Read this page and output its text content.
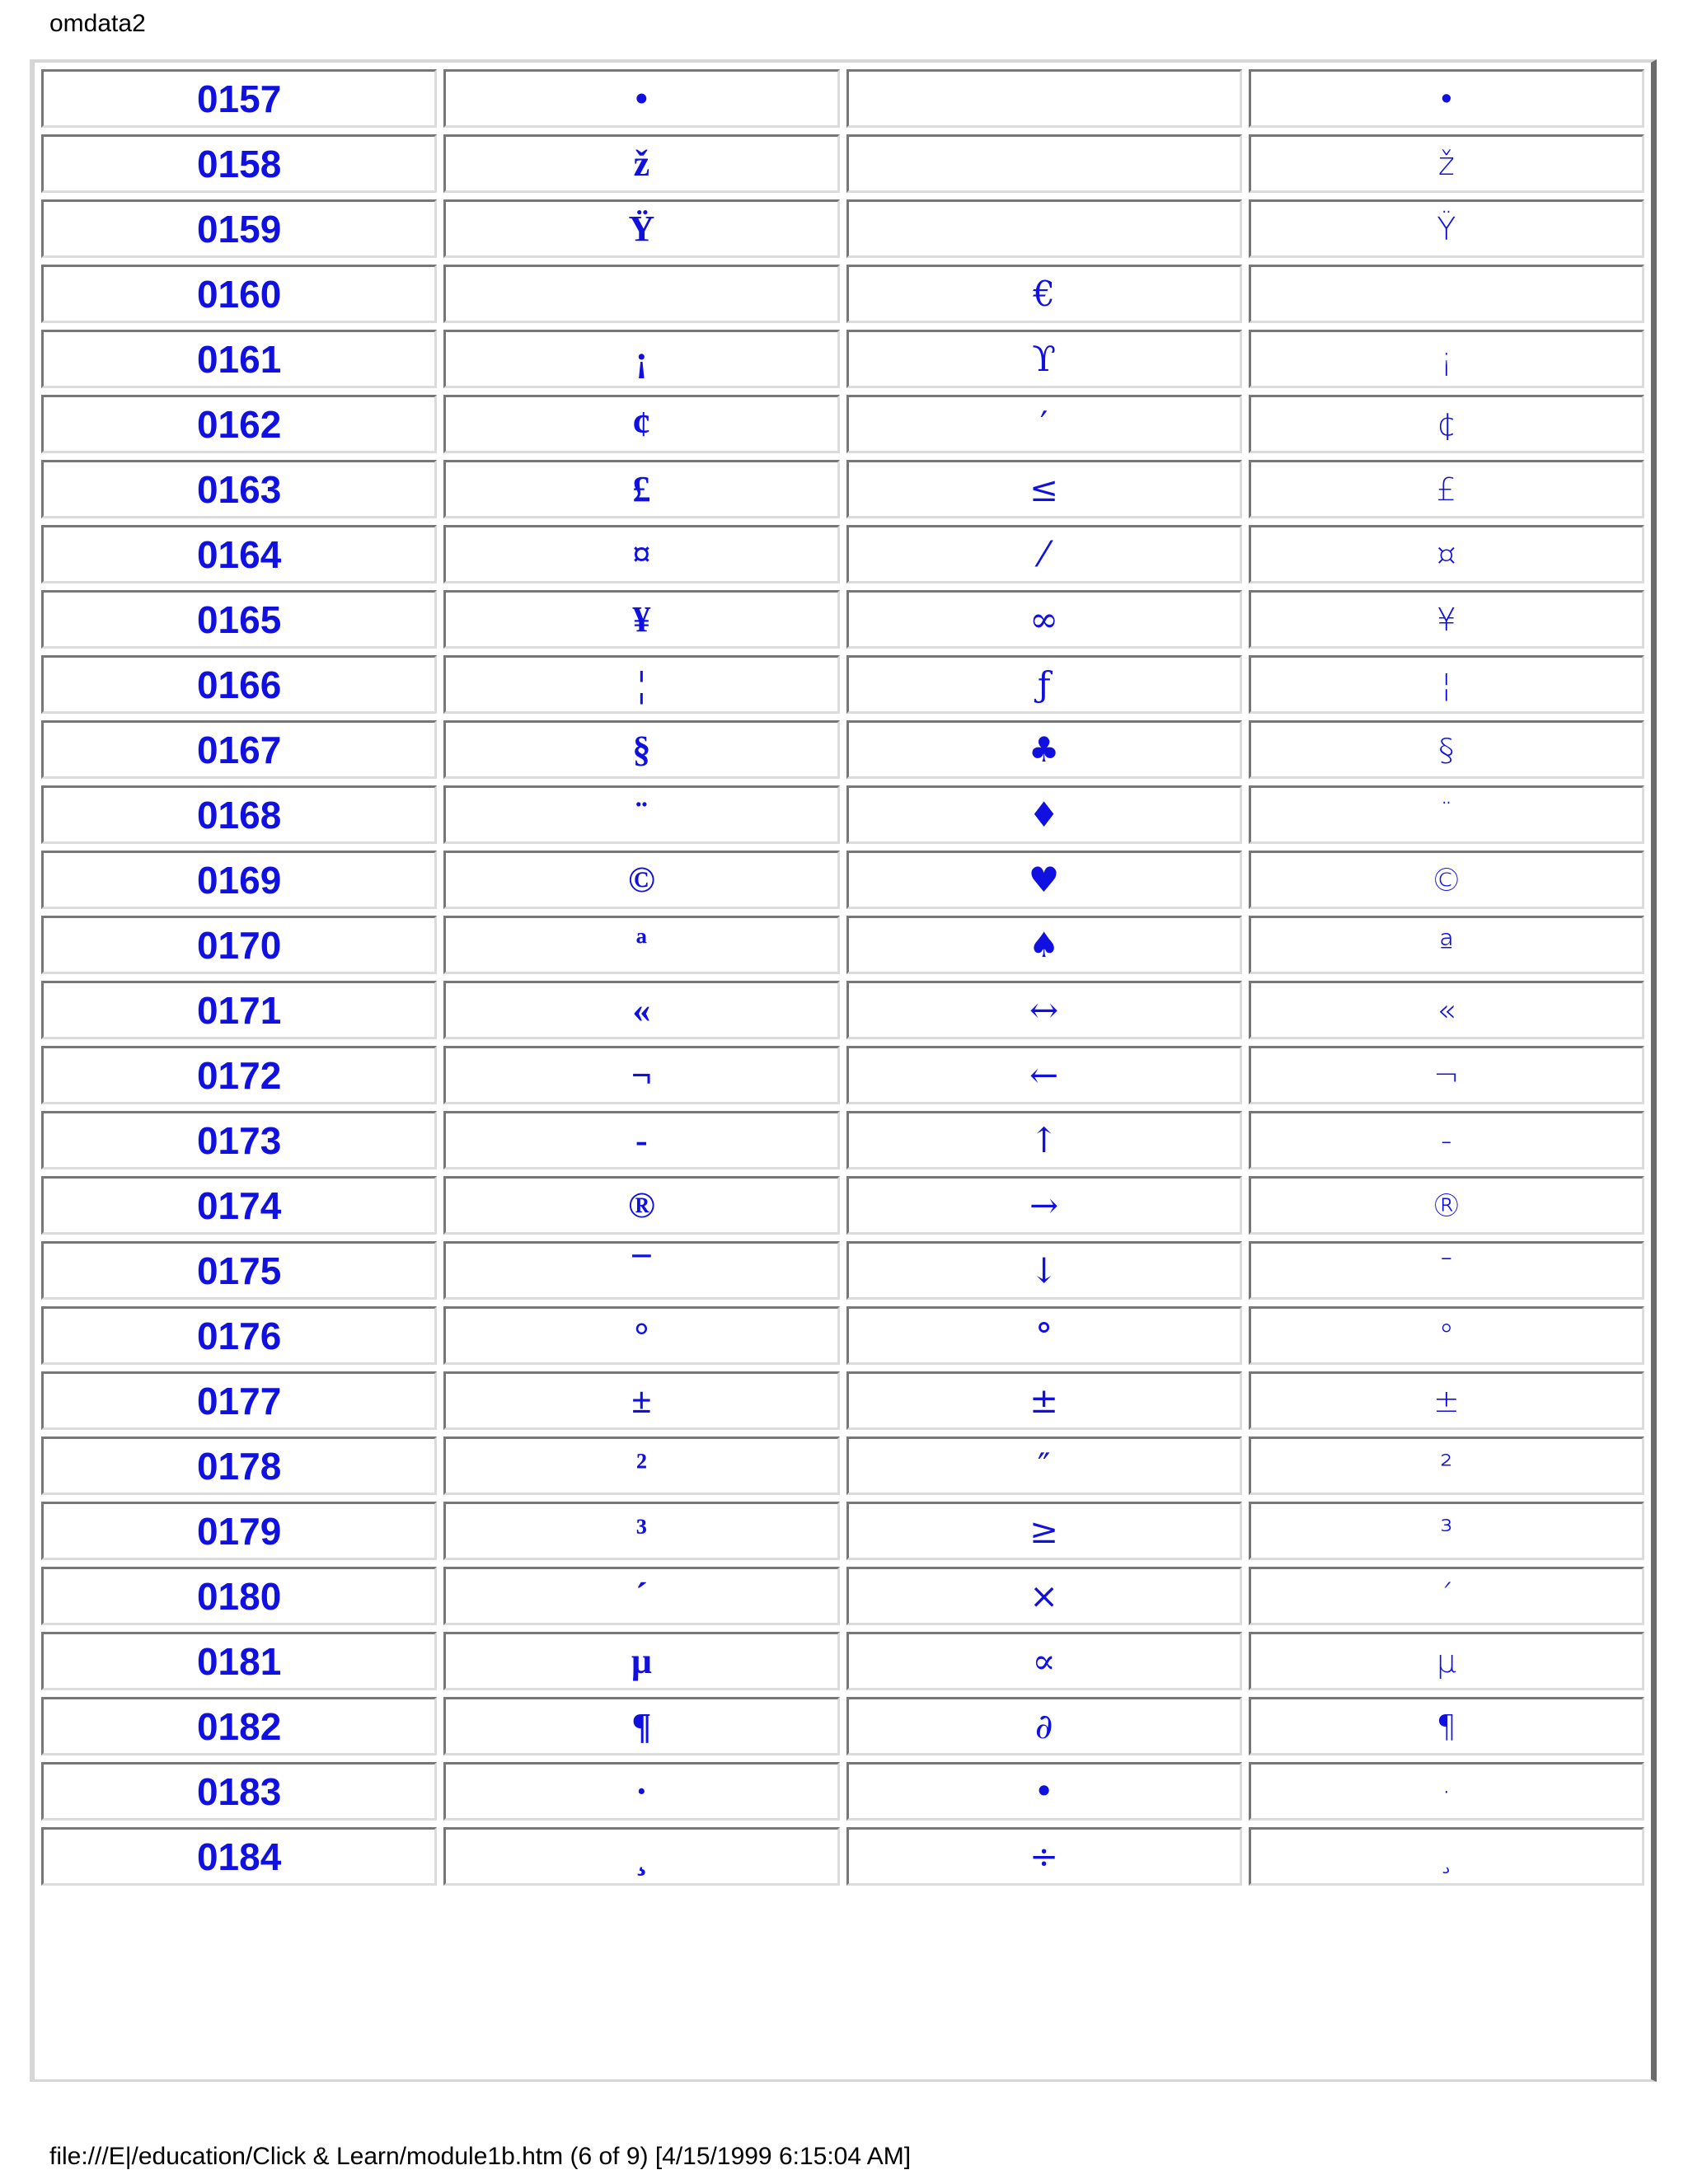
omdata2
0157	•		•
0158	ž		ž
0159	Ÿ		Ÿ
0160		€	
0161	¡	ϒ	¡
0162	¢	′	¢
0163	£	≤	£
0164	¤	⁄	¤
0165	¥	∞	¥
0166	¦	ƒ	¦
0167	§	♣	§
0168	¨	♦	¨
0169	©	♥	©
0170	ª	♠	ª
0171	«	↔	«
0172	¬	←	¬
0173	-	↑	-
0174	®	→	®
0175	¯	↓	¯
0176	°	°	°
0177	±	±	±
0178	²	″	²
0179	³	≥	³
0180	´	×	´
0181	µ	∝	µ
0182	¶	∂	¶
0183	·	•	·
0184	¸	÷	¸
file:///E|/education/Click & Learn/module1b.htm (6 of 9) [4/15/1999 6:15:04 AM]
